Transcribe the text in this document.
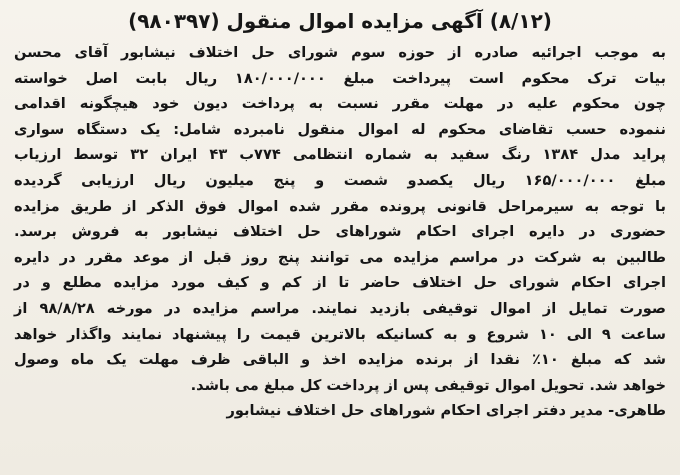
(۸/۱۲) آگهی مزایده اموال منقول (۹۸۰۳۹۷)
به موجب اجرائیه صادره از حوزه سوم شورای حل اختلاف نیشابور آقای محسن
بیات ترک محکوم است پیرداخت مبلغ ۱۸۰/۰۰۰/۰۰۰ ریال بابت اصل خواسته
چون محکوم علیه در مهلت مقرر نسبت به پرداخت دیون خود هیچگونه اقدامی
ننموده حسب تقاضای محکوم له اموال منقول نامبرده شامل: یک دستگاه سواری
پراید مدل ۱۳۸۴ رنگ سفید به شماره انتظامی ۷۷۴ب ۴۳ ایران ۳۲ توسط ارزیاب
مبلغ ۱۶۵/۰۰۰/۰۰۰ ریال یکصدو شصت و پنج میلیون ریال ارزیابی گردیده
با توجه به سیرمراحل قانونی پرونده مقرر شده اموال فوق الذکر از طریق مزایده
حضوری در دایره اجرای احکام شوراهای حل اختلاف نیشابور به فروش برسد.
طالبین به شرکت در مراسم مزایده می توانند پنج روز قبل از موعد مقرر در دایره
اجرای احکام شورای حل اختلاف حاضر تا از کم و کیف مورد مزایده مطلع و در
صورت تمایل از اموال توقیفی بازدید نمایند. مراسم مزایده در مورخه ۹۸/۸/۲۸ از
ساعت ۹ الی ۱۰ شروع و به کسانیکه بالاترین قیمت را پیشنهاد نمایند واگذار خواهد
شد که مبلغ ۱۰٪ نقدا از برنده مزایده اخذ و الباقی ظرف مهلت یک ماه وصول
خواهد شد. تحویل اموال توقیفی پس از پرداخت کل مبلغ می باشد.
طاهری- مدیر دفتر اجرای احکام شوراهای حل اختلاف نیشابور
